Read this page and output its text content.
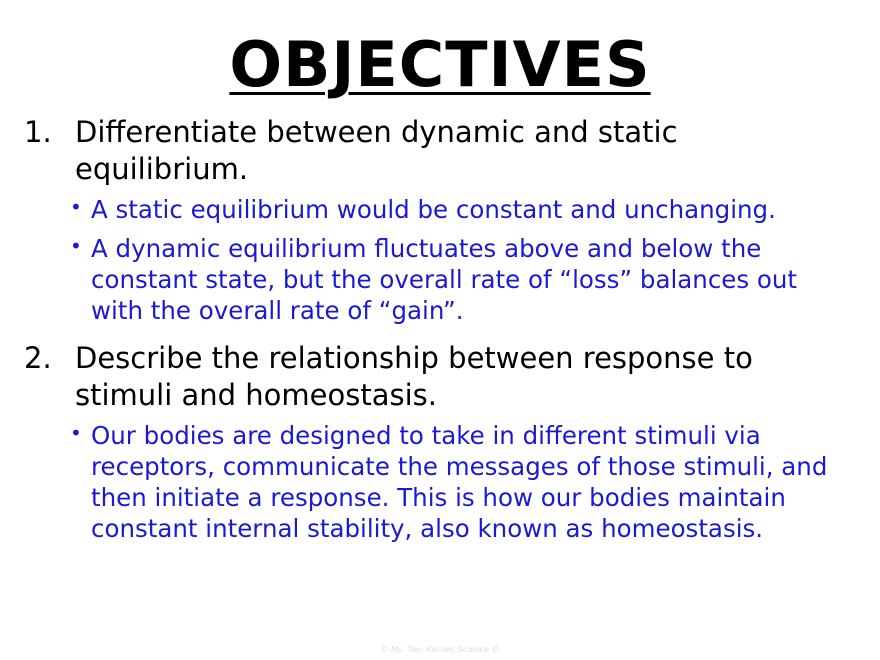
OBJECTIVES
1. Differentiate between dynamic and static equilibrium.
• A static equilibrium would be constant and unchanging.
• A dynamic equilibrium fluctuates above and below the constant state, but the overall rate of “loss” balances out with the overall rate of “gain”.
2. Describe the relationship between response to stimuli and homeostasis.
• Our bodies are designed to take in different stimuli via receptors, communicate the messages of those stimuli, and then initiate a response. This is how our bodies maintain constant internal stability, also known as homeostasis.
© Ms. Tan, Kachel, Science ©
